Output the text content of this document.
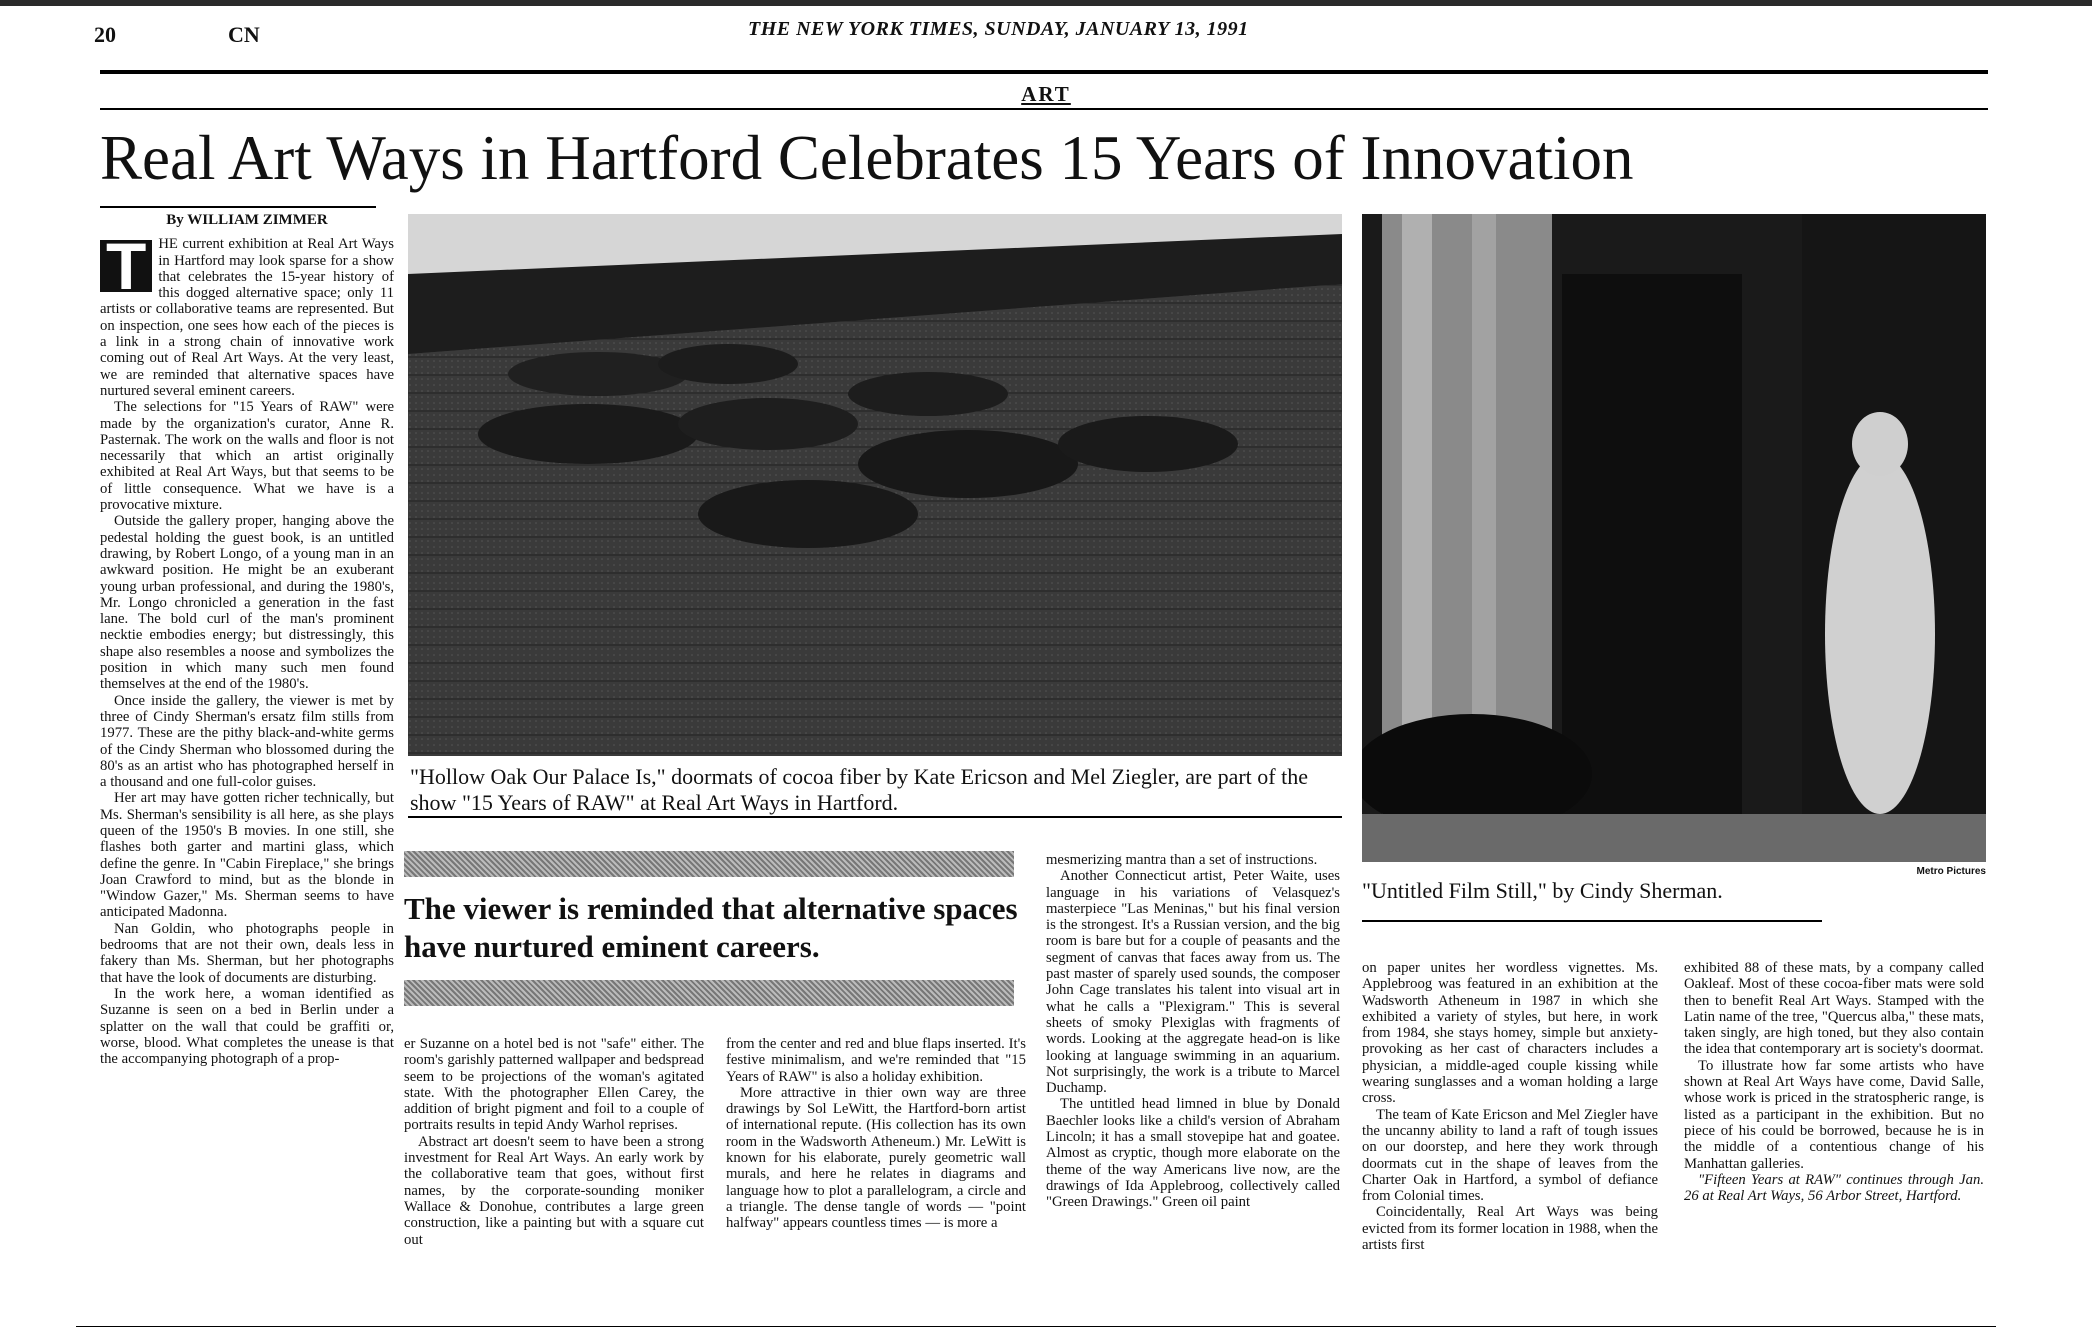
20	CN	THE NEW YORK TIMES, SUNDAY, JANUARY 13, 1991
ART
Real Art Ways in Hartford Celebrates 15 Years of Innovation
By WILLIAM ZIMMER

T HE current exhibition at Real Art Ways in Hartford may look sparse for a show that celebrates the 15-year history of this dogged alternative space; only 11 artists or collaborative teams are represented. But on inspection, one sees how each of the pieces is a link in a strong chain of innovative work coming out of Real Art Ways. At the very least, we are reminded that alternative spaces have nurtured several eminent careers.

The selections for "15 Years of RAW" were made by the organization's curator, Anne R. Pasternak. The work on the walls and floor is not necessarily that which an artist originally exhibited at Real Art Ways, but that seems to be of little consequence. What we have is a provocative mixture.

Outside the gallery proper, hanging above the pedestal holding the guest book, is an untitled drawing, by Robert Longo, of a young man in an awkward position. He might be an exuberant young urban professional, and during the 1980's, Mr. Longo chronicled a generation in the fast lane. The bold curl of the man's prominent necktie embodies energy; but distressingly, this shape also resembles a noose and symbolizes the position in which many such men found themselves at the end of the 1980's.

Once inside the gallery, the viewer is met by three of Cindy Sherman's ersatz film stills from 1977. These are the pithy black-and-white germs of the Cindy Sherman who blossomed during the 80's as an artist who has photographed herself in a thousand and one full-color guises.

Her art may have gotten richer technically, but Ms. Sherman's sensibility is all here, as she plays queen of the 1950's B movies. In one still, she flashes both garter and martini glass, which define the genre. In "Cabin Fireplace," she brings Joan Crawford to mind, but as the blonde in "Window Gazer," Ms. Sherman seems to have anticipated Madonna.

Nan Goldin, who photographs people in bedrooms that are not their own, deals less in fakery than Ms. Sherman, but her photographs that have the look of documents are disturbing.

In the work here, a woman identified as Suzanne is seen on a bed in Berlin under a splatter on the wall that could be graffiti or, worse, blood. What completes the unease is that the accompanying photograph of a prop-

"Hollow Oak Our Palace Is," doormats of cocoa fiber by Kate Ericson and Mel Ziegler, are part of the show "15 Years of RAW" at Real Art Ways in Hartford.
Metro Pictures
"Untitled Film Still," by Cindy Sherman.
The viewer is reminded that alternative spaces have nurtured eminent careers.

er Suzanne on a hotel bed is not "safe" either. The room's garishly patterned wallpaper and bedspread seem to be projections of the woman's agitated state. With the photographer Ellen Carey, the addition of bright pigment and foil to a couple of portraits results in tepid Andy Warhol reprises.

Abstract art doesn't seem to have been a strong investment for Real Art Ways. An early work by the collaborative team that goes, without first names, by the corporate-sounding moniker Wallace & Donohue, contributes a large green construction, like a painting but with a square cut out

from the center and red and blue flaps inserted. It's festive minimalism, and we're reminded that "15 Years of RAW" is also a holiday exhibition.

More attractive in thier own way are three drawings by Sol LeWitt, the Hartford-born artist of international repute. (His collection has its own room in the Wadsworth Atheneum.) Mr. LeWitt is known for his elaborate, purely geometric wall murals, and here he relates in diagrams and language how to plot a parallelogram, a circle and a triangle. The dense tangle of words — "point halfway" appears countless times — is more a

mesmerizing mantra than a set of instructions.

Another Connecticut artist, Peter Waite, uses language in his variations of Velasquez's masterpiece "Las Meninas," but his final version is the strongest. It's a Russian version, and the big room is bare but for a couple of peasants and the segment of canvas that faces away from us. The past master of sparely used sounds, the composer John Cage translates his talent into visual art in what he calls a "Plexigram." This is several sheets of smoky Plexiglas with fragments of words. Looking at the aggregate head-on is like looking at language swimming in an aquarium. Not surprisingly, the work is a tribute to Marcel Duchamp.

The untitled head limned in blue by Donald Baechler looks like a child's version of Abraham Lincoln; it has a small stovepipe hat and goatee. Almost as cryptic, though more elaborate on the theme of the way Americans live now, are the drawings of Ida Applebroog, collectively called "Green Drawings." Green oil paint

on paper unites her wordless vignettes. Ms. Applebroog was featured in an exhibition at the Wadsworth Atheneum in 1987 in which she exhibited a variety of styles, but here, in work from 1984, she stays homey, simple but anxiety-provoking as her cast of characters includes a physician, a middle-aged couple kissing while wearing sunglasses and a woman holding a large cross.

The team of Kate Ericson and Mel Ziegler have the uncanny ability to land a raft of tough issues on our doorstep, and here they work through doormats cut in the shape of leaves from the Charter Oak in Hartford, a symbol of defiance from Colonial times.

Coincidentally, Real Art Ways was being evicted from its former location in 1988, when the artists first

exhibited 88 of these mats, by a company called Oakleaf. Most of these cocoa-fiber mats were sold then to benefit Real Art Ways. Stamped with the Latin name of the tree, "Quercus alba," these mats, taken singly, are high toned, but they also contain the idea that contemporary art is society's doormat.

To illustrate how far some artists who have shown at Real Art Ways have come, David Salle, whose work is priced in the stratospheric range, is listed as a participant in the exhibition. But no piece of his could be borrowed, because he is in the middle of a contentious change of his Manhattan galleries.

"Fifteen Years at RAW" continues through Jan. 26 at Real Art Ways, 56 Arbor Street, Hartford.
